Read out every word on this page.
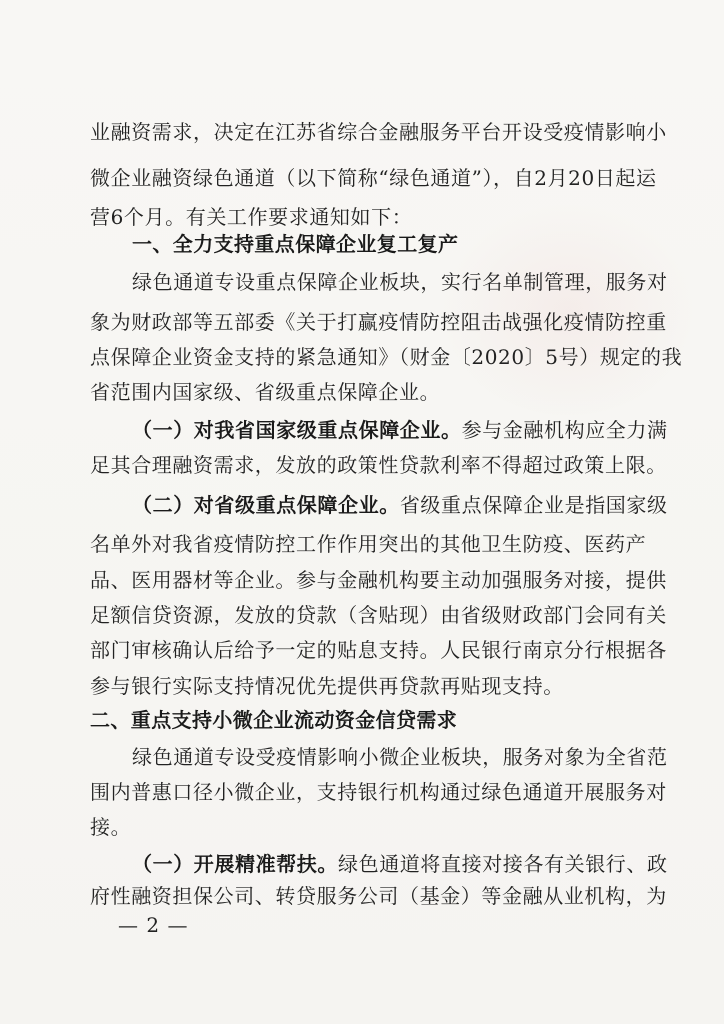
业融资需求，决定在江苏省综合金融服务平台开设受疫情影响小
微企业融资绿色通道（以下简称“绿色通道”），自2月20日起运
营6个月。有关工作要求通知如下：
一、全力支持重点保障企业复工复产
绿色通道专设重点保障企业板块，实行名单制管理，服务对
象为财政部等五部委《关于打赢疫情防控阻击战强化疫情防控重
点保障企业资金支持的紧急通知》（财金〔2020〕5号）规定的我
省范围内国家级、省级重点保障企业。
（一）对我省国家级重点保障企业。参与金融机构应全力满
足其合理融资需求，发放的政策性贷款利率不得超过政策上限。
（二）对省级重点保障企业。省级重点保障企业是指国家级
名单外对我省疫情防控工作作用突出的其他卫生防疫、医药产
品、医用器材等企业。参与金融机构要主动加强服务对接，提供
足额信贷资源，发放的贷款（含贴现）由省级财政部门会同有关
部门审核确认后给予一定的贴息支持。人民银行南京分行根据各
参与银行实际支持情况优先提供再贷款再贴现支持。
二、重点支持小微企业流动资金信贷需求
绿色通道专设受疫情影响小微企业板块，服务对象为全省范
围内普惠口径小微企业，支持银行机构通过绿色通道开展服务对
接。
（一）开展精准帮扶。绿色通道将直接对接各有关银行、政
府性融资担保公司、转贷服务公司（基金）等金融从业机构，为
— 2 —
